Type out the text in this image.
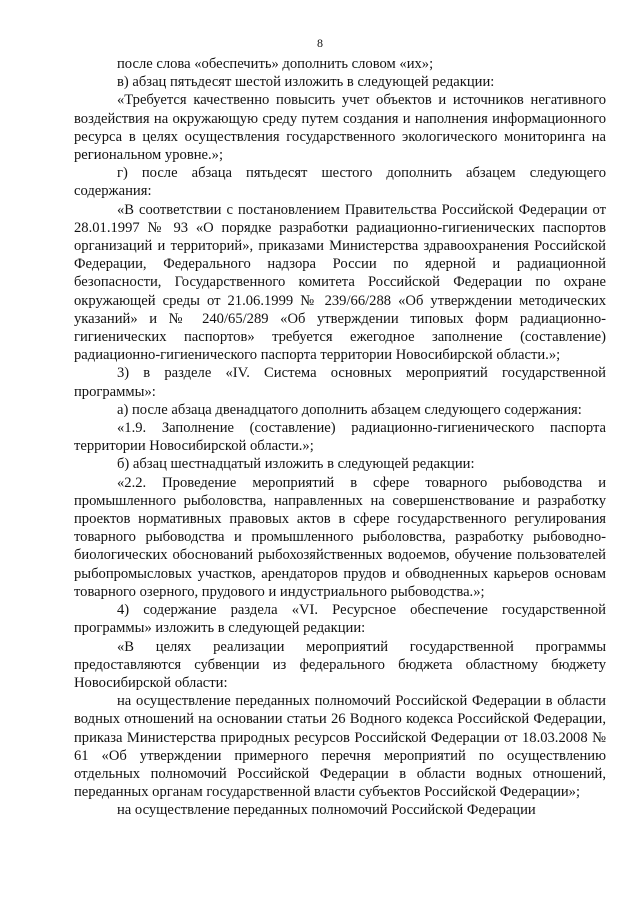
8

после слова «обеспечить» дополнить словом «их»;

в) абзац пятьдесят шестой изложить в следующей редакции:

«Требуется качественно повысить учет объектов и источников негативного воздействия на окружающую среду путем создания и наполнения информационного ресурса в целях осуществления государственного экологического мониторинга на региональном уровне.»;

г) после абзаца пятьдесят шестого дополнить абзацем следующего содержания:

«В соответствии с постановлением Правительства Российской Федерации от 28.01.1997 № 93 «О порядке разработки радиационно-гигиенических паспортов организаций и территорий», приказами Министерства здравоохранения Российской Федерации, Федерального надзора России по ядерной и радиационной безопасности, Государственного комитета Российской Федерации по охране окружающей среды от 21.06.1999 № 239/66/288 «Об утверждении методических указаний» и № 240/65/289 «Об утверждении типовых форм радиационно-гигиенических паспортов» требуется ежегодное заполнение (составление) радиационно-гигиенического паспорта территории Новосибирской области.»;

3) в разделе «IV. Система основных мероприятий государственной программы»:

а) после абзаца двенадцатого дополнить абзацем следующего содержания:

«1.9. Заполнение (составление) радиационно-гигиенического паспорта территории Новосибирской области.»;

б) абзац шестнадцатый изложить в следующей редакции:

«2.2. Проведение мероприятий в сфере товарного рыбоводства и промышленного рыболовства, направленных на совершенствование и разработку проектов нормативных правовых актов в сфере государственного регулирования товарного рыбоводства и промышленного рыболовства, разработку рыбоводно-биологических обоснований рыбохозяйственных водоемов, обучение пользователей рыбопромысловых участков, арендаторов прудов и обводненных карьеров основам товарного озерного, прудового и индустриального рыбоводства.»;

4) содержание раздела «VI. Ресурсное обеспечение государственной программы» изложить в следующей редакции:

«В целях реализации мероприятий государственной программы предоставляются субвенции из федерального бюджета областному бюджету Новосибирской области:

на осуществление переданных полномочий Российской Федерации в области водных отношений на основании статьи 26 Водного кодекса Российской Федерации, приказа Министерства природных ресурсов Российской Федерации от 18.03.2008 № 61 «Об утверждении примерного перечня мероприятий по осуществлению отдельных полномочий Российской Федерации в области водных отношений, переданных органам государственной власти субъектов Российской Федерации»;

на осуществление переданных полномочий Российской Федерации
